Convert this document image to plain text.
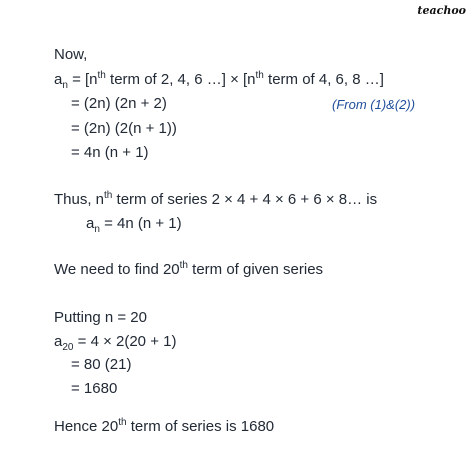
teachoo
Now,
$a_n = [n^{th}$ term of 2, 4, 6 …] × [$n^{th}$ term of 4, 6, 8 …]
= (2n) (2n + 2)	(From (1)&(2))
= (2n) (2(n + 1))
= 4n (n + 1)
Thus, $n^{th}$ term of series 2 × 4 + 4 × 6 + 6 × 8… is
$a_n = 4n$ (n + 1)
We need to find 20th term of given series
Putting n = 20
$a_{20} = 4 \times 2(20 + 1)$
= 80 (21)
= 1680
Hence 20th term of series is 1680
